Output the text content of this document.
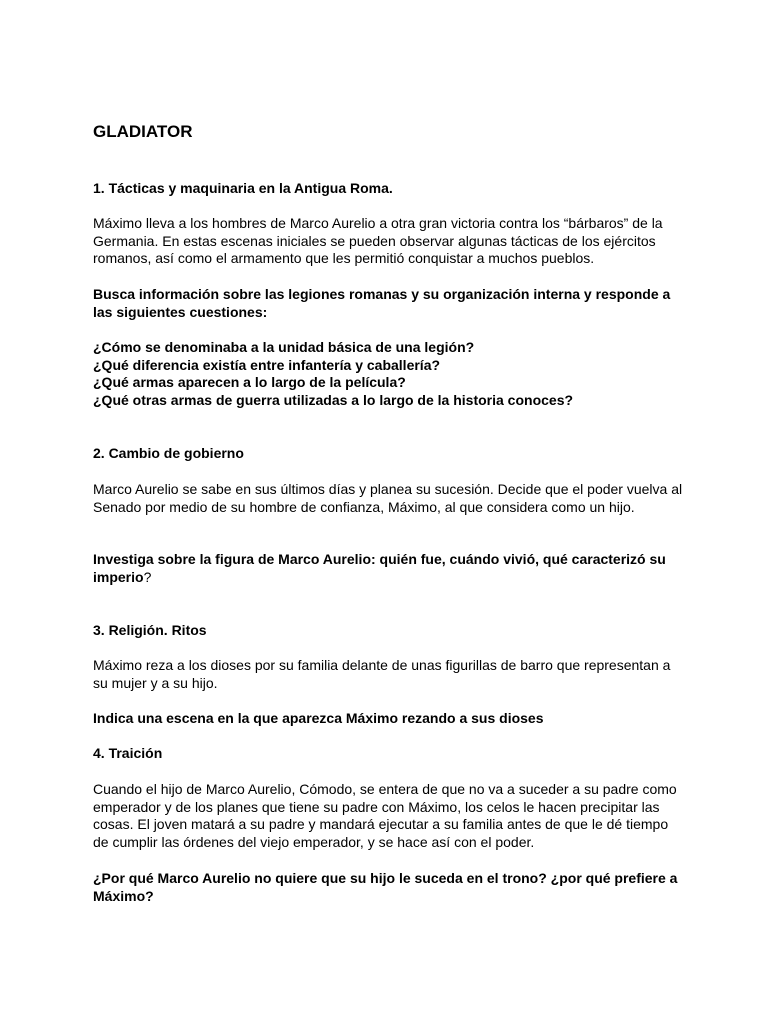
GLADIATOR

1. Tácticas y maquinaria en la Antigua Roma.

Máximo lleva a los hombres de Marco Aurelio a otra gran victoria contra los “bárbaros” de la Germania. En estas escenas iniciales se pueden observar algunas tácticas de los ejércitos romanos, así como el armamento que les permitió conquistar a muchos pueblos.

Busca información sobre las legiones romanas y su organización interna y responde a las siguientes cuestiones:

¿Cómo se denominaba a la unidad básica de una legión?
¿Qué diferencia existía entre infantería y caballería?
¿Qué armas aparecen a lo largo de la película?
¿Qué otras armas de guerra utilizadas a lo largo de la historia conoces?

2. Cambio de gobierno

Marco Aurelio se sabe en sus últimos días y planea su sucesión. Decide que el poder vuelva al Senado por medio de su hombre de confianza, Máximo, al que considera como un hijo.

Investiga sobre la figura de Marco Aurelio: quién fue, cuándo vivió, qué caracterizó su imperio?

3. Religión. Ritos

Máximo reza a los dioses por su familia delante de unas figurillas de barro que representan a su mujer y a su hijo.

Indica una escena en la que aparezca Máximo rezando a sus dioses

4. Traición

Cuando el hijo de Marco Aurelio, Cómodo, se entera de que no va a suceder a su padre como emperador y de los planes que tiene su padre con Máximo, los celos le hacen precipitar las cosas. El joven matará a su padre y mandará ejecutar a su familia antes de que le dé tiempo de cumplir las órdenes del viejo emperador, y se hace así con el poder.

¿Por qué Marco Aurelio no quiere que su hijo le suceda en el trono? ¿por qué prefiere a Máximo?
